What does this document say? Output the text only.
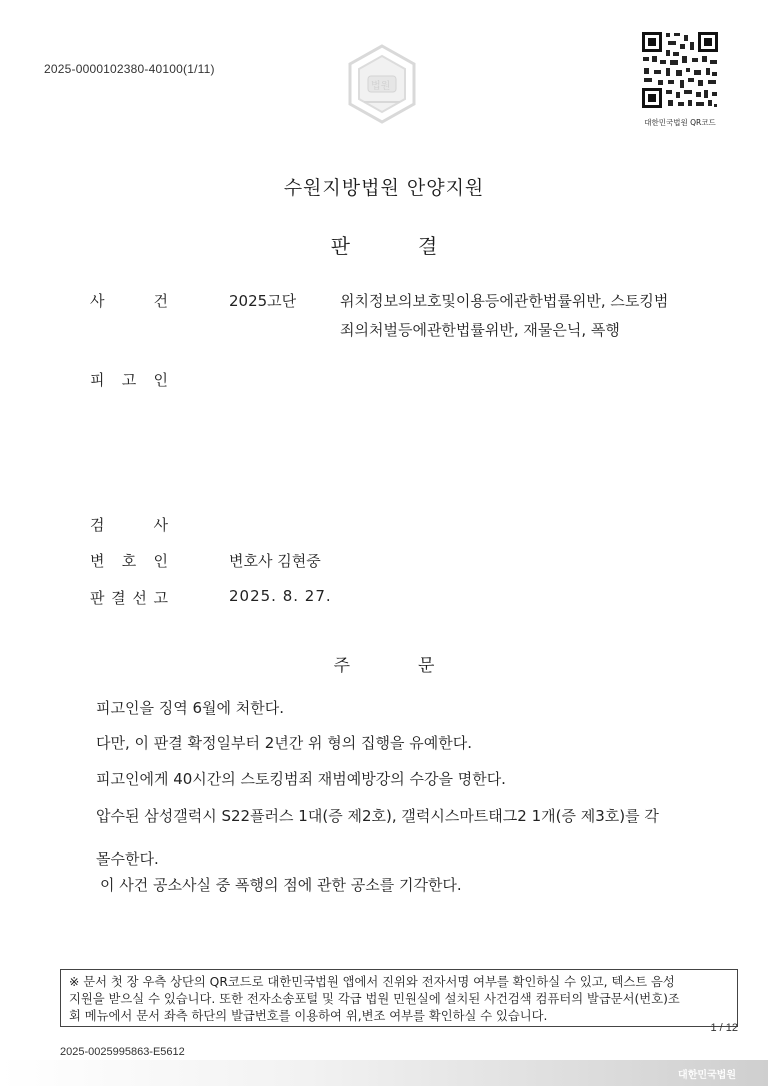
2025-0000102380-40100(1/11)
법원
대한민국법원 QR코드
수원지방법원 안양지원
판	결
사	건	2025고단	위치정보의보호및이용등에관한법률위반, 스토킹범
죄의처벌등에관한법률위반, 재물은닉, 폭행
피 고 인
검	사
변 호 인	변호사 김현중
판 결 선 고	2025. 8. 27.
주	문
피고인을 징역 6월에 처한다.
다만, 이 판결 확정일부터 2년간 위 형의 집행을 유예한다.
피고인에게 40시간의 스토킹범죄 재범예방강의 수강을 명한다.
압수된 삼성갤럭시 S22플러스 1대(증 제2호), 갤럭시스마트태그2 1개(증 제3호)를 각
몰수한다.
이 사건 공소사실 중 폭행의 점에 관한 공소를 기각한다.
※ 문서 첫 장 우측 상단의 QR코드로 대한민국법원 앱에서 진위와 전자서명 여부를 확인하실 수 있고, 텍스트 음성
지원을 받으실 수 있습니다. 또한 전자소송포털 및 각급 법원 민원실에 설치된 사건검색 컴퓨터의 발급문서(번호)조
회 메뉴에서 문서 좌측 하단의 발급번호를 이용하여 위,변조 여부를 확인하실 수 있습니다.
1 / 12
2025-0025995863-E5612
대한민국법원
